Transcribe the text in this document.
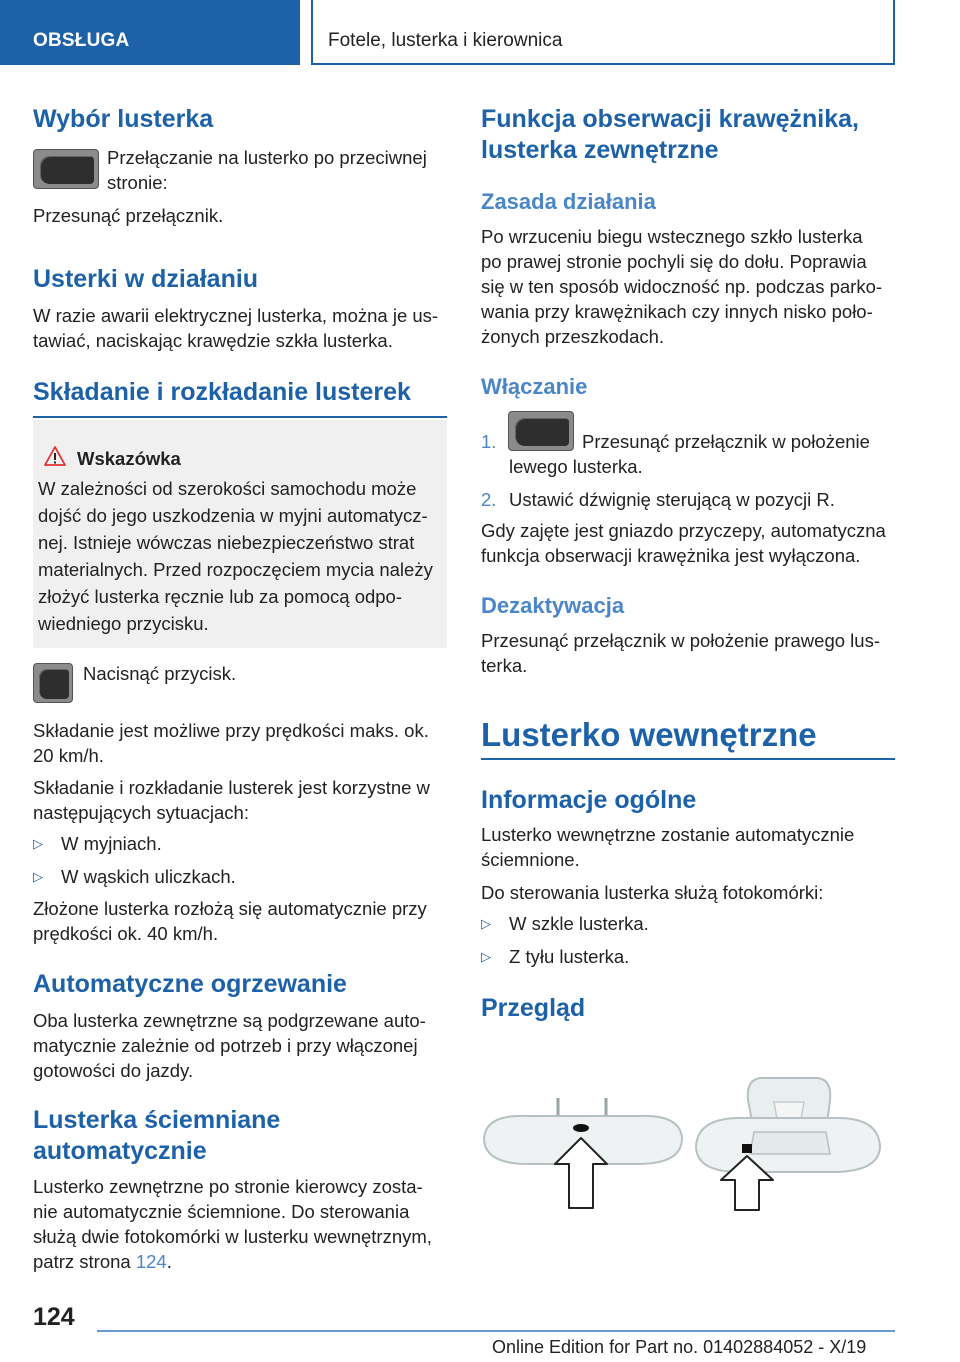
OBSŁUGA	Fotele, lusterka i kierownica
Wybór lusterka
Przełączanie na lusterko po przeciwnej
stronie:
Przesunąć przełącznik.
Usterki w działaniu
W razie awarii elektrycznej lusterka, można je us‐
tawiać, naciskając krawędzie szkła lusterka.
Składanie i rozkładanie lusterek
Wskazówka
W zależności od szerokości samochodu może
dojść do jego uszkodzenia w myjni automatycz‐
nej. Istnieje wówczas niebezpieczeństwo strat
materialnych. Przed rozpoczęciem mycia należy
złożyć lusterka ręcznie lub za pomocą odpo‐
wiedniego przycisku.
Nacisnąć przycisk.
Składanie jest możliwe przy prędkości maks. ok.
20 km/h.
Składanie i rozkładanie lusterek jest korzystne w
następujących sytuacjach:
▷ W myjniach.
▷ W wąskich uliczkach.
Złożone lusterka rozłożą się automatycznie przy
prędkości ok. 40 km/h.
Automatyczne ogrzewanie
Oba lusterka zewnętrzne są podgrzewane auto‐
matycznie zależnie od potrzeb i przy włączonej
gotowości do jazdy.
Lusterka ściemniane
automatycznie
Lusterko zewnętrzne po stronie kierowcy zosta‐
nie automatycznie ściemnione. Do sterowania
służą dwie fotokomórki w lusterku wewnętrznym,
patrz strona 124.
Funkcja obserwacji krawężnika,
lusterka zewnętrzne
Zasada działania
Po wrzuceniu biegu wstecznego szkło lusterka
po prawej stronie pochyli się do dołu. Poprawia
się w ten sposób widoczność np. podczas parko‐
wania przy krawężnikach czy innych nisko poło‐
żonych przeszkodach.
Włączanie
1.	Przesunąć przełącznik w położenie
lewego lusterka.
2. Ustawić dźwignię sterującą w pozycji R.
Gdy zajęte jest gniazdo przyczepy, automatyczna
funkcja obserwacji krawężnika jest wyłączona.
Dezaktywacja
Przesunąć przełącznik w położenie prawego lus‐
terka.
Lusterko wewnętrzne
Informacje ogólne
Lusterko wewnętrzne zostanie automatycznie
ściemnione.
Do sterowania lusterka służą fotokomórki:
▷ W szkle lusterka.
▷ Z tyłu lusterka.
Przegląd
124
Online Edition for Part no. 01402884052 - X/19
